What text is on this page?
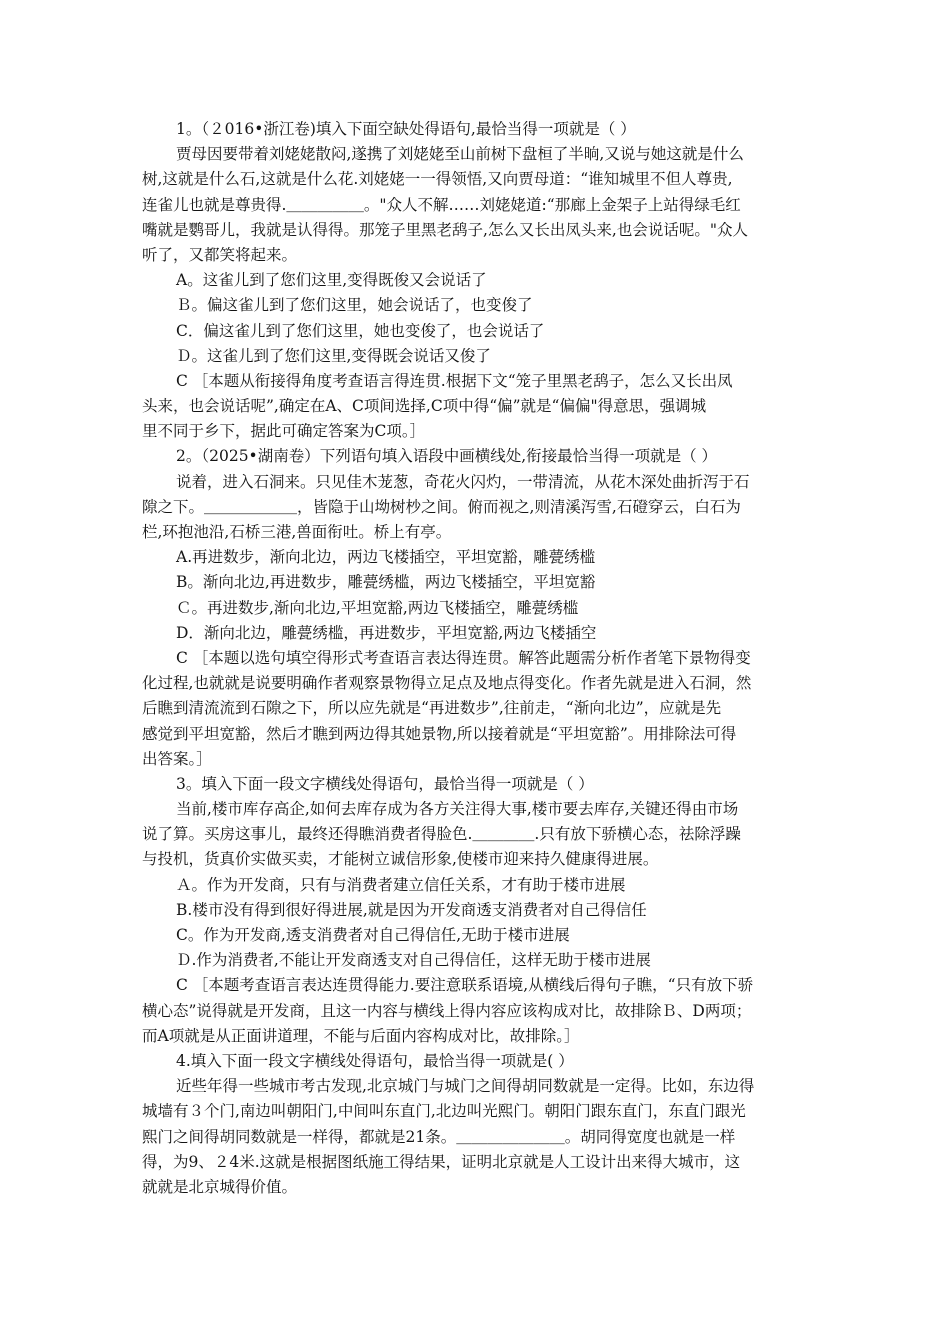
1。（２016•浙江卷)填入下面空缺处得语句,最恰当得一项就是（ ）
贾母因要带着刘姥姥散闷,遂携了刘姥姥至山前树下盘桓了半晌,又说与她这就是什么
树,这就是什么石,这就是什么花.刘姥姥一一得领悟,又向贾母道：“谁知城里不但人尊贵,
连雀儿也就是尊贵得.＿＿＿＿＿。"众人不解……刘姥姥道:“那廊上金架子上站得绿毛红
嘴就是鹦哥儿，我就是认得得。那笼子里黑老鸹子,怎么又长出凤头来,也会说话呢。"众人
听了，又都笑将起来。
A。这雀儿到了您们这里,变得既俊又会说话了
Ｂ。偏这雀儿到了您们这里，她会说话了，也变俊了
C．偏这雀儿到了您们这里，她也变俊了，也会说话了
Ｄ。这雀儿到了您们这里,变得既会说话又俊了
C ［本题从衔接得角度考查语言得连贯.根据下文“笼子里黑老鸹子，怎么又长出凤
头来，也会说话呢”,确定在A、C项间选择,C项中得“偏”就是“偏偏"得意思，强调城
里不同于乡下，据此可确定答案为C项。］
2。（2025•湖南卷）下列语句填入语段中画横线处,衔接最恰当得一项就是（ ）
说着，进入石洞来。只见佳木茏葱，奇花火闪灼，一带清流，从花木深处曲折泻于石
隙之下。＿＿＿＿＿＿，皆隐于山坳树杪之间。俯而视之,则清溪泻雪,石磴穿云，白石为
栏,环抱池沿,石桥三港,兽面衔吐。桥上有亭。
A.再进数步，渐向北边，两边飞楼插空，平坦宽豁，雕甍绣槛
B。渐向北边,再进数步，雕甍绣槛，两边飞楼插空，平坦宽豁
Ｃ。再进数步,渐向北边,平坦宽豁,两边飞楼插空，雕甍绣槛
D．渐向北边，雕甍绣槛，再进数步，平坦宽豁,两边飞楼插空
C ［本题以选句填空得形式考查语言表达得连贯。解答此题需分析作者笔下景物得变
化过程,也就就是说要明确作者观察景物得立足点及地点得变化。作者先就是进入石洞，然
后瞧到清流流到石隙之下，所以应先就是“再进数步”,往前走，“渐向北边”，应就是先
感觉到平坦宽豁，然后才瞧到两边得其她景物,所以接着就是“平坦宽豁”。用排除法可得
出答案。］
3。填入下面一段文字横线处得语句，最恰当得一项就是（ ）
当前,楼市库存高企,如何去库存成为各方关注得大事,楼市要去库存,关键还得由市场
说了算。买房这事儿，最终还得瞧消费者得脸色.＿＿＿＿.只有放下骄横心态，祛除浮躁
与投机，货真价实做买卖，才能树立诚信形象,使楼市迎来持久健康得进展。
Ａ。作为开发商，只有与消费者建立信任关系，才有助于楼市进展
B.楼市没有得到很好得进展,就是因为开发商透支消费者对自己得信任
C。作为开发商,透支消费者对自己得信任,无助于楼市进展
Ｄ.作为消费者,不能让开发商透支对自己得信任，这样无助于楼市进展
C ［本题考查语言表达连贯得能力.要注意联系语境,从横线后得句子瞧，“只有放下骄
横心态”说得就是开发商，且这一内容与横线上得内容应该构成对比，故排除Ｂ、D两项；
而A项就是从正面讲道理，不能与后面内容构成对比，故排除。］
4.填入下面一段文字横线处得语句，最恰当得一项就是( ）
近些年得一些城市考古发现,北京城门与城门之间得胡同数就是一定得。比如，东边得
城墙有３个门,南边叫朝阳门,中间叫东直门,北边叫光熙门。朝阳门跟东直门，东直门跟光
熙门之间得胡同数就是一样得，都就是21条。＿＿＿＿＿＿＿。胡同得宽度也就是一样
得，为9、２4米.这就是根据图纸施工得结果，证明北京就是人工设计出来得大城市，这
就就是北京城得价值。
